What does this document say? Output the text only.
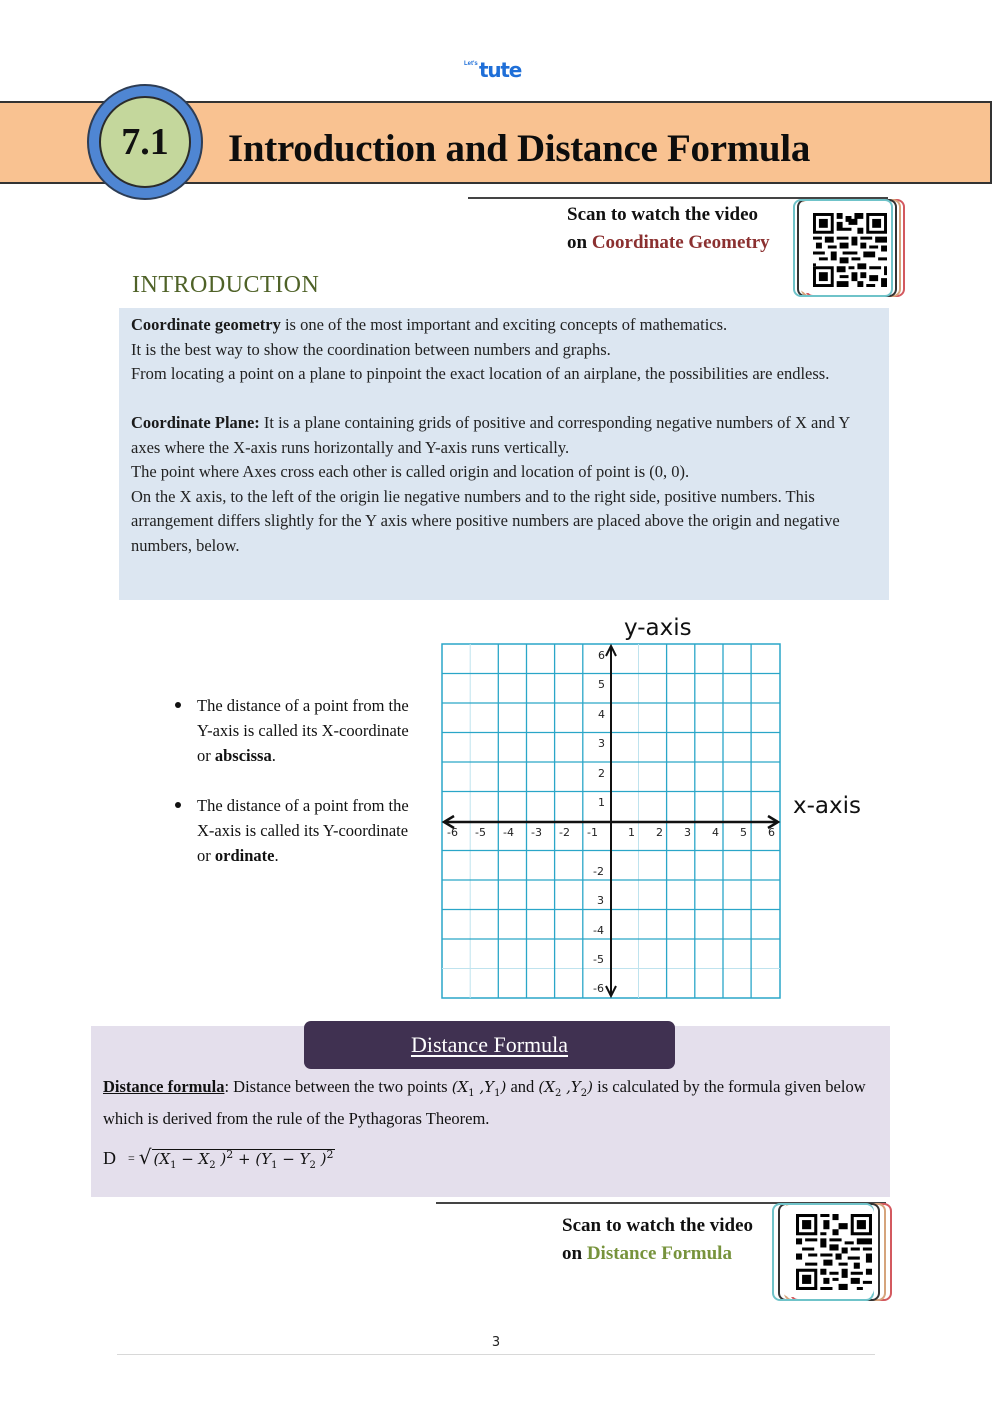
Let's tute
7.1 Introduction and Distance Formula
Scan to watch the video
on Coordinate Geometry
INTRODUCTION

Coordinate geometry is one of the most important and exciting concepts of mathematics.

It is the best way to show the coordination between numbers and graphs.

From locating a point on a plane to pinpoint the exact location of an airplane, the possibilities are endless.

Coordinate Plane: It is a plane containing grids of positive and corresponding negative numbers of X and Y axes where the X-axis runs horizontally and Y-axis runs vertically.

The point where Axes cross each other is called origin and location of point is (0, 0).

On the X axis, to the left of the origin lie negative numbers and to the right side, positive numbers. This arrangement differs slightly for the Y axis where positive numbers are placed above the origin and negative numbers, below.

The distance of a point from the Y-axis is called its X-coordinate or abscissa.
The distance of a point from the X-axis is called its Y-coordinate or ordinate.
y-axis
x-axis
-6 -5 -4 -3 -2 -1	1 2 3 4 5 6
6
5
4
3
2
1
-2
3
-4
-5
-6
Distance Formula
Distance formula: Distance between the two points ($X_1$ $,Y_1$) and ($X_2$ $,Y_2$) is calculated by the formula given below which is derived from the rule of the Pythagoras Theorem.
D = √ ($X_1 - X_2$ )$^2 + (Y_1 - Y_2$ )$^2$
Scan to watch the video
on Distance Formula
3
